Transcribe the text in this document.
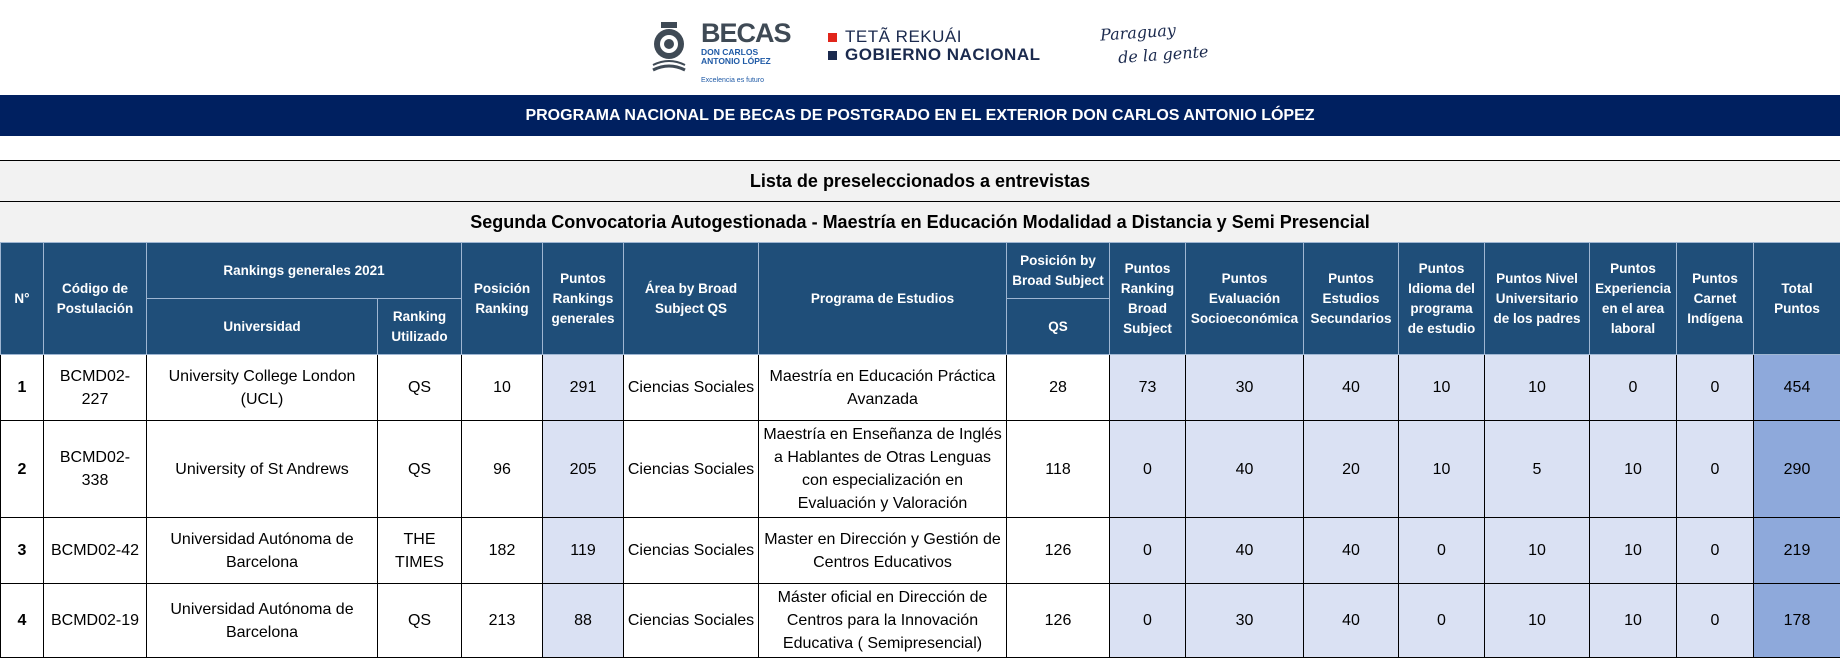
BECAS
DON CARLOS ANTONIO LÓPEZ
Excelencia es futuro
TETÃ REKUÁI
GOBIERNO NACIONAL
Paraguay
de la gente
PROGRAMA NACIONAL DE BECAS DE POSTGRADO EN EL EXTERIOR DON CARLOS ANTONIO LÓPEZ
Lista de preseleccionados a entrevistas
Segunda Convocatoria Autogestionada - Maestría en Educación Modalidad a Distancia y Semi Presencial
N°	Código de Postulación	Rankings generales 2021		Posición Ranking	Puntos Rankings generales	Área by Broad Subject QS	Programa de Estudios	Posición by Broad Subject	Puntos Ranking Broad Subject	Puntos Evaluación Socioeconómica	Puntos Estudios Secundarios	Puntos Idioma del programa de estudio	Puntos Nivel Universitario de los padres	Puntos Experiencia en el area laboral	Puntos Carnet Indígena	Total Puntos
		Universidad	Ranking Utilizado					QS								
1	BCMD02-227	University College London (UCL)	QS	10	291	Ciencias Sociales	Maestría en Educación Práctica Avanzada	28	73	30	40	10	10	0	0	454
2	BCMD02-338	University of St Andrews	QS	96	205	Ciencias Sociales	Maestría en Enseñanza de Inglés a Hablantes de Otras Lenguas con especialización en Evaluación y Valoración	118	0	40	20	10	5	10	0	290
3	BCMD02-42	Universidad Autónoma de Barcelona	THE TIMES	182	119	Ciencias Sociales	Master en Dirección y Gestión de Centros Educativos	126	0	40	40	0	10	10	0	219
4	BCMD02-19	Universidad Autónoma de Barcelona	QS	213	88	Ciencias Sociales	Máster oficial en Dirección de Centros para la Innovación Educativa ( Semipresencial)	126	0	30	40	0	10	10	0	178
